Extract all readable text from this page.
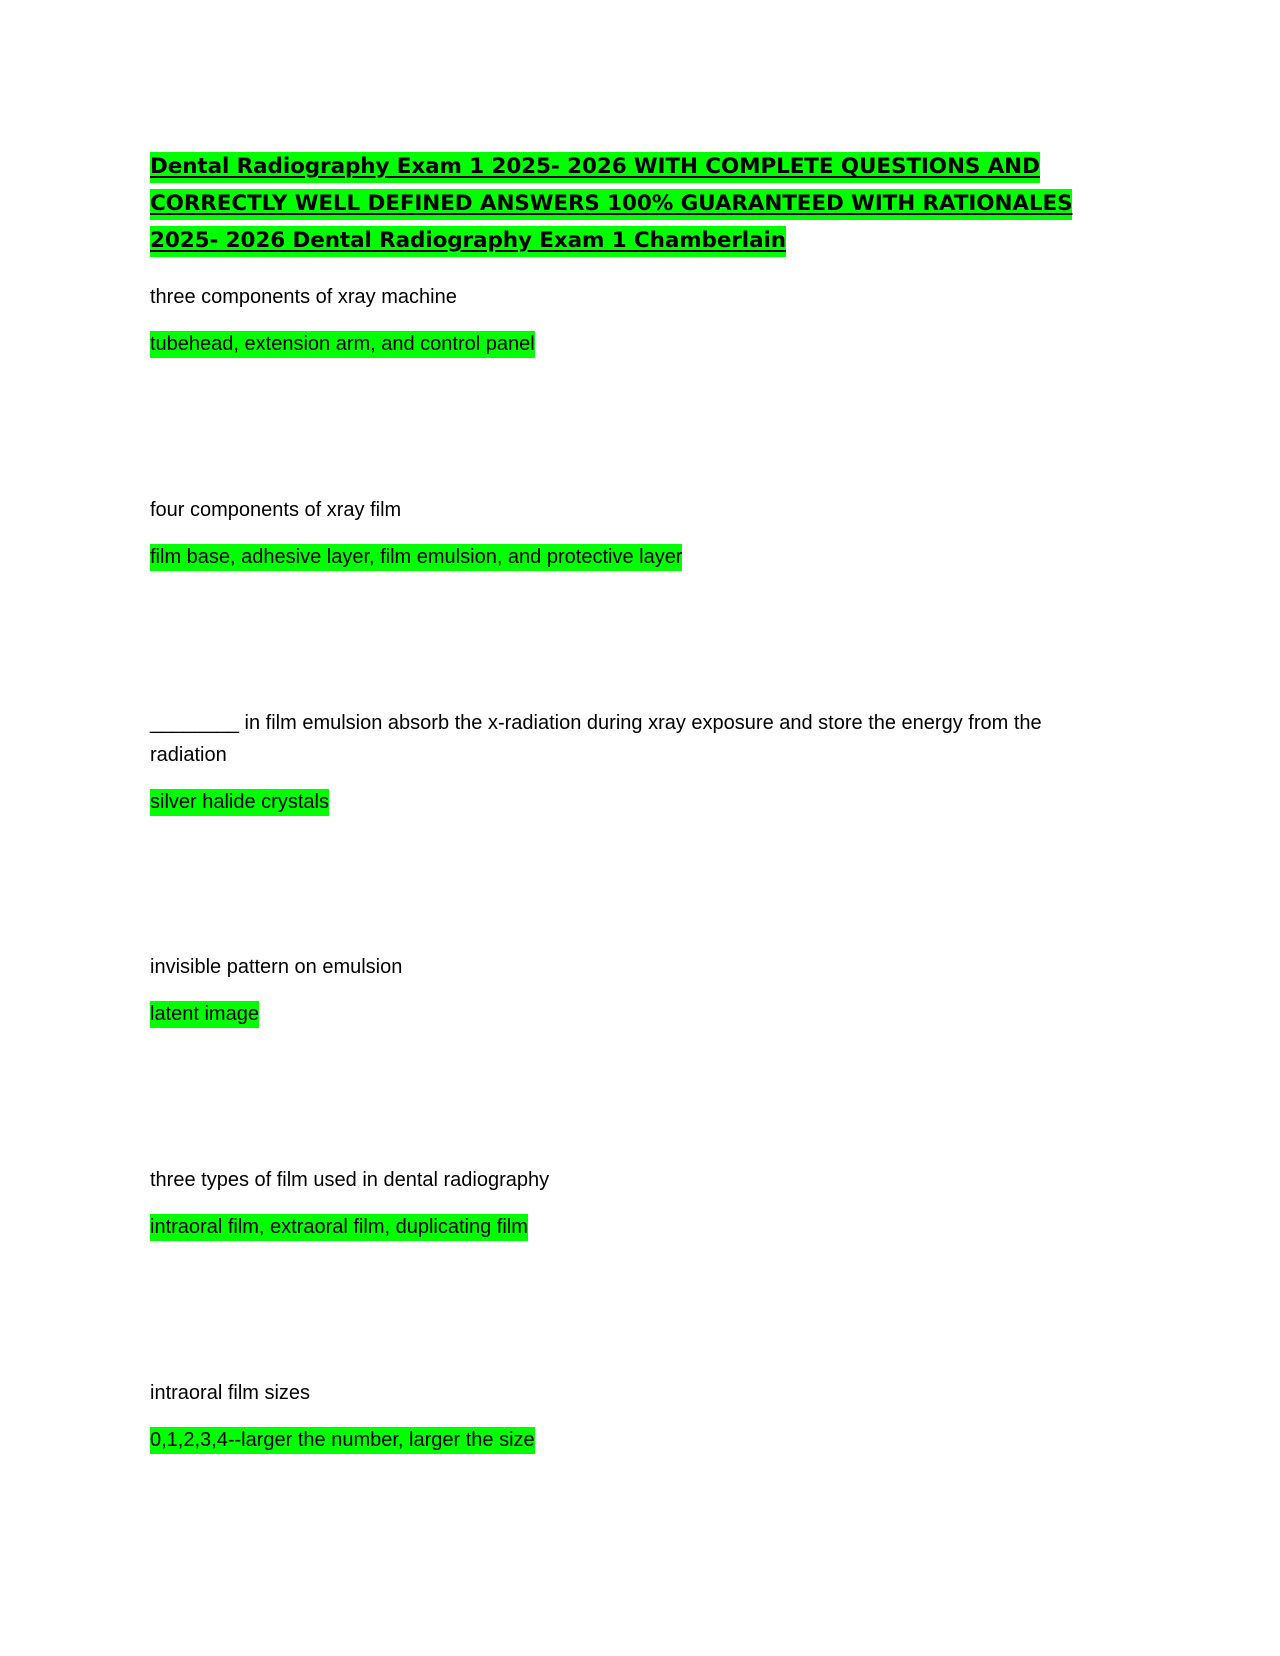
Dental Radiography Exam 1 2025- 2026 WITH COMPLETE QUESTIONS AND CORRECTLY WELL DEFINED ANSWERS 100% GUARANTEED WITH RATIONALES 2025- 2026 Dental Radiography Exam 1 Chamberlain

three components of xray machine

tubehead, extension arm, and control panel

four components of xray film

film base, adhesive layer, film emulsion, and protective layer

________ in film emulsion absorb the x-radiation during xray exposure and store the energy from the radiation

silver halide crystals

invisible pattern on emulsion

latent image

three types of film used in dental radiography

intraoral film, extraoral film, duplicating film

intraoral film sizes

0,1,2,3,4--larger the number, larger the size
